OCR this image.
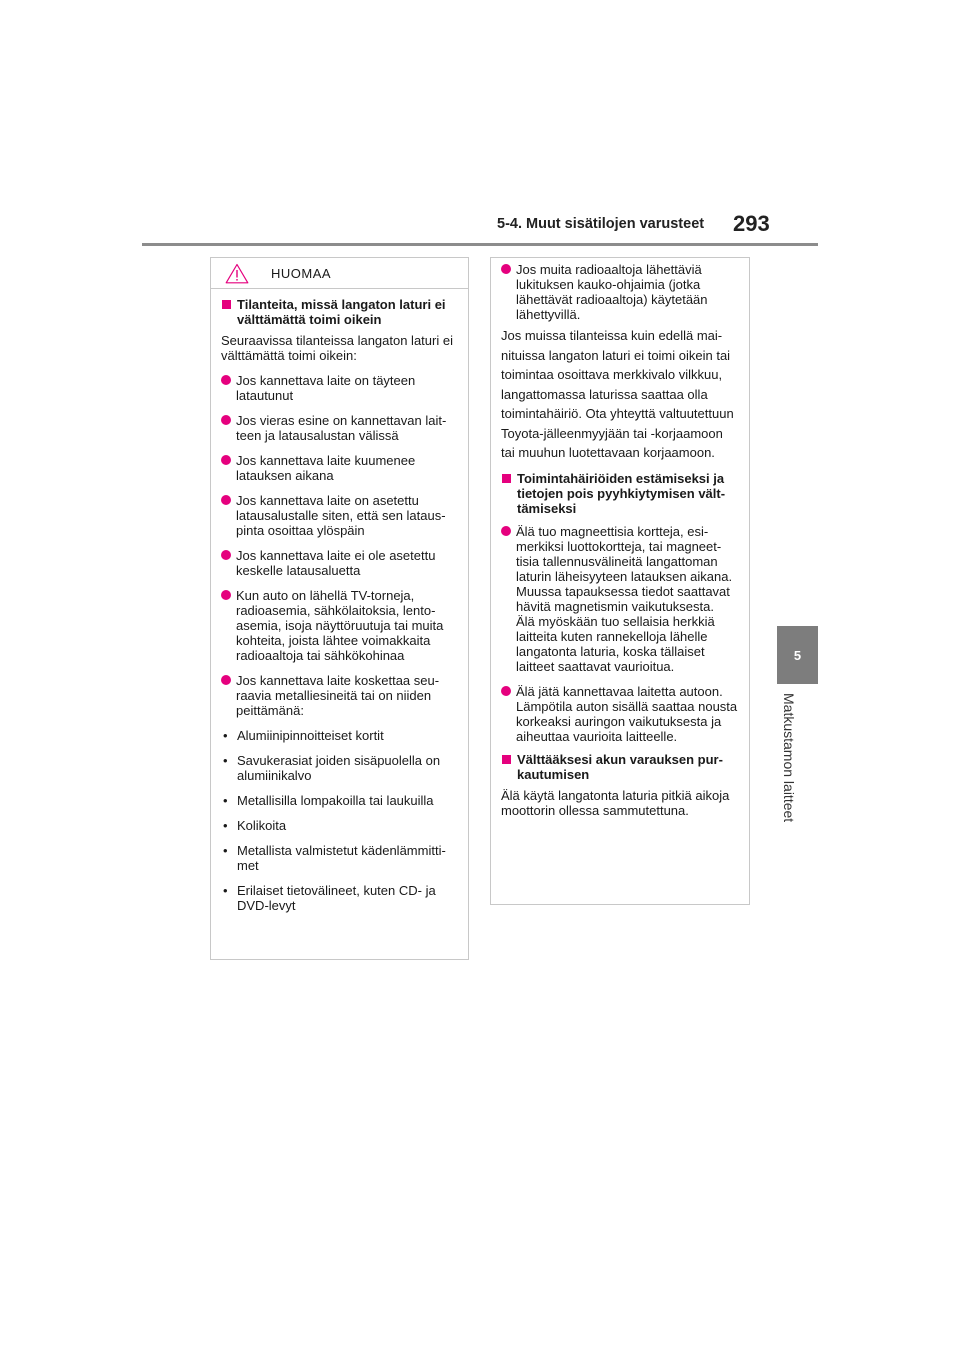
5-4. Muut sisätilojen varusteet 293
5
Matkustamon laitteet
HUOMAA
Tilanteita, missä langaton laturi ei välttämättä toimi oikein
Seuraavissa tilanteissa langaton laturi ei välttämättä toimi oikein:
Jos kannettava laite on täyteen latautunut
Jos vieras esine on kannettavan laitteen ja latausalustan välissä
Jos kannettava laite kuumenee latauksen aikana
Jos kannettava laite on asetettu latausalustalle siten, että sen latauspinta osoittaa ylöspäin
Jos kannettava laite ei ole asetettu keskelle latausaluetta
Kun auto on lähellä TV-torneja, radioasemia, sähkölaitoksia, lentoasemia, isoja näyttöruutuja tai muita kohteita, joista lähtee voimakkaita radioaaltoja tai sähkökohinaa
Jos kannettava laite koskettaa seuraavia metalliesineitä tai on niiden peittämänä:
• Alumiinipinnoitteiset kortit
• Savukerasiat joiden sisäpuolella on alumiinikalvo
• Metallisilla lompakoilla tai laukuilla
• Kolikoita
• Metallista valmistetut kädenlämmittimet
• Erilaiset tietovälineet, kuten CD- ja DVD-levyt
Jos muita radioaaltoja lähettäviä lukituksen kauko-ohjaimia (jotka lähettävät radioaaltoja) käytetään lähettyvillä.
Jos muissa tilanteissa kuin edellä mainituissa langaton laturi ei toimi oikein tai toimintaa osoittava merkkivalo vilkkuu, langattomassa laturissa saattaa olla toimintahäiriö. Ota yhteyttä valtuutettuun Toyota-jälleenmyyjään tai -korjaamoon tai muuhun luotettavaan korjaamoon.
Toimintahäiriöiden estämiseksi ja tietojen pois pyyhkiytymisen välttämiseksi
Älä tuo magneettisia kortteja, esimerkiksi luottokortteja, tai magneettisia tallennusvälineitä langattoman laturin läheisyyteen latauksen aikana. Muussa tapauksessa tiedot saattavat hävitä magnetismin vaikutuksesta.
Älä myöskään tuo sellaisia herkkiä laitteita kuten rannekelloja lähelle langatonta laturia, koska tällaiset laitteet saattavat vaurioitua.
Älä jätä kannettavaa laitetta autoon. Lämpötila auton sisällä saattaa nousta korkeaksi auringon vaikutuksesta ja aiheuttaa vaurioita laitteelle.
Välttääksesi akun varauksen purkautumisen
Älä käytä langatonta laturia pitkiä aikoja moottorin ollessa sammutettuna.
